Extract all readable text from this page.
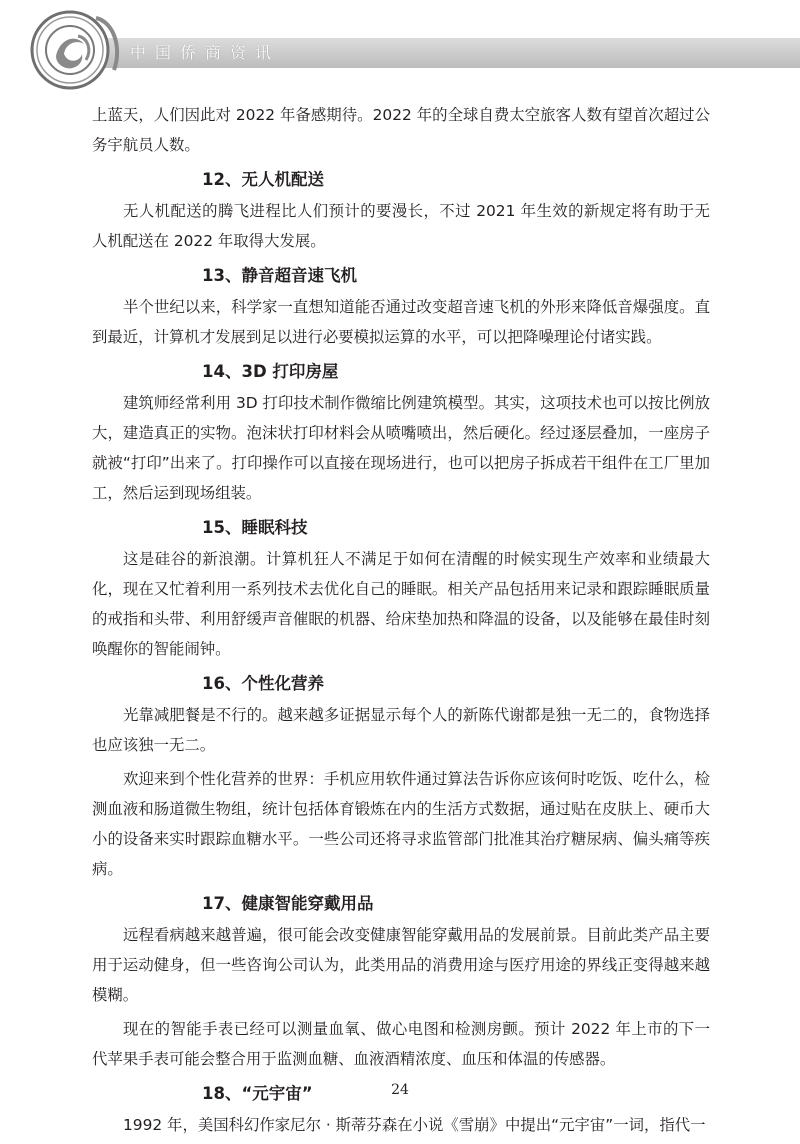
中国侨商资讯

上蓝天，人们因此对 2022 年备感期待。2022 年的全球自费太空旅客人数有望首次超过公务宇航员人数。

12、无人机配送

无人机配送的腾飞进程比人们预计的要漫长，不过 2021 年生效的新规定将有助于无人机配送在 2022 年取得大发展。

13、静音超音速飞机

半个世纪以来，科学家一直想知道能否通过改变超音速飞机的外形来降低音爆强度。直到最近，计算机才发展到足以进行必要模拟运算的水平，可以把降噪理论付诸实践。

14、3D 打印房屋

建筑师经常利用 3D 打印技术制作微缩比例建筑模型。其实，这项技术也可以按比例放大，建造真正的实物。泡沫状打印材料会从喷嘴喷出，然后硬化。经过逐层叠加，一座房子就被“打印”出来了。打印操作可以直接在现场进行，也可以把房子拆成若干组件在工厂里加工，然后运到现场组装。

15、睡眠科技

这是硅谷的新浪潮。计算机狂人不满足于如何在清醒的时候实现生产效率和业绩最大化，现在又忙着利用一系列技术去优化自己的睡眠。相关产品包括用来记录和跟踪睡眠质量的戒指和头带、利用舒缓声音催眠的机器、给床垫加热和降温的设备，以及能够在最佳时刻唤醒你的智能闹钟。

16、个性化营养

光靠减肥餐是不行的。越来越多证据显示每个人的新陈代谢都是独一无二的，食物选择也应该独一无二。

欢迎来到个性化营养的世界：手机应用软件通过算法告诉你应该何时吃饭、吃什么，检测血液和肠道微生物组，统计包括体育锻炼在内的生活方式数据，通过贴在皮肤上、硬币大小的设备来实时跟踪血糖水平。一些公司还将寻求监管部门批准其治疗糖尿病、偏头痛等疾病。

17、健康智能穿戴用品

远程看病越来越普遍，很可能会改变健康智能穿戴用品的发展前景。目前此类产品主要用于运动健身，但一些咨询公司认为，此类用品的消费用途与医疗用途的界线正变得越来越模糊。

现在的智能手表已经可以测量血氧、做心电图和检测房颤。预计 2022 年上市的下一代苹果手表可能会整合用于监测血糖、血液酒精浓度、血压和体温的传感器。

18、“元宇宙”

1992 年，美国科幻作家尼尔 · 斯蒂芬森在小说《雪崩》中提出“元宇宙”一词，指代一

24
